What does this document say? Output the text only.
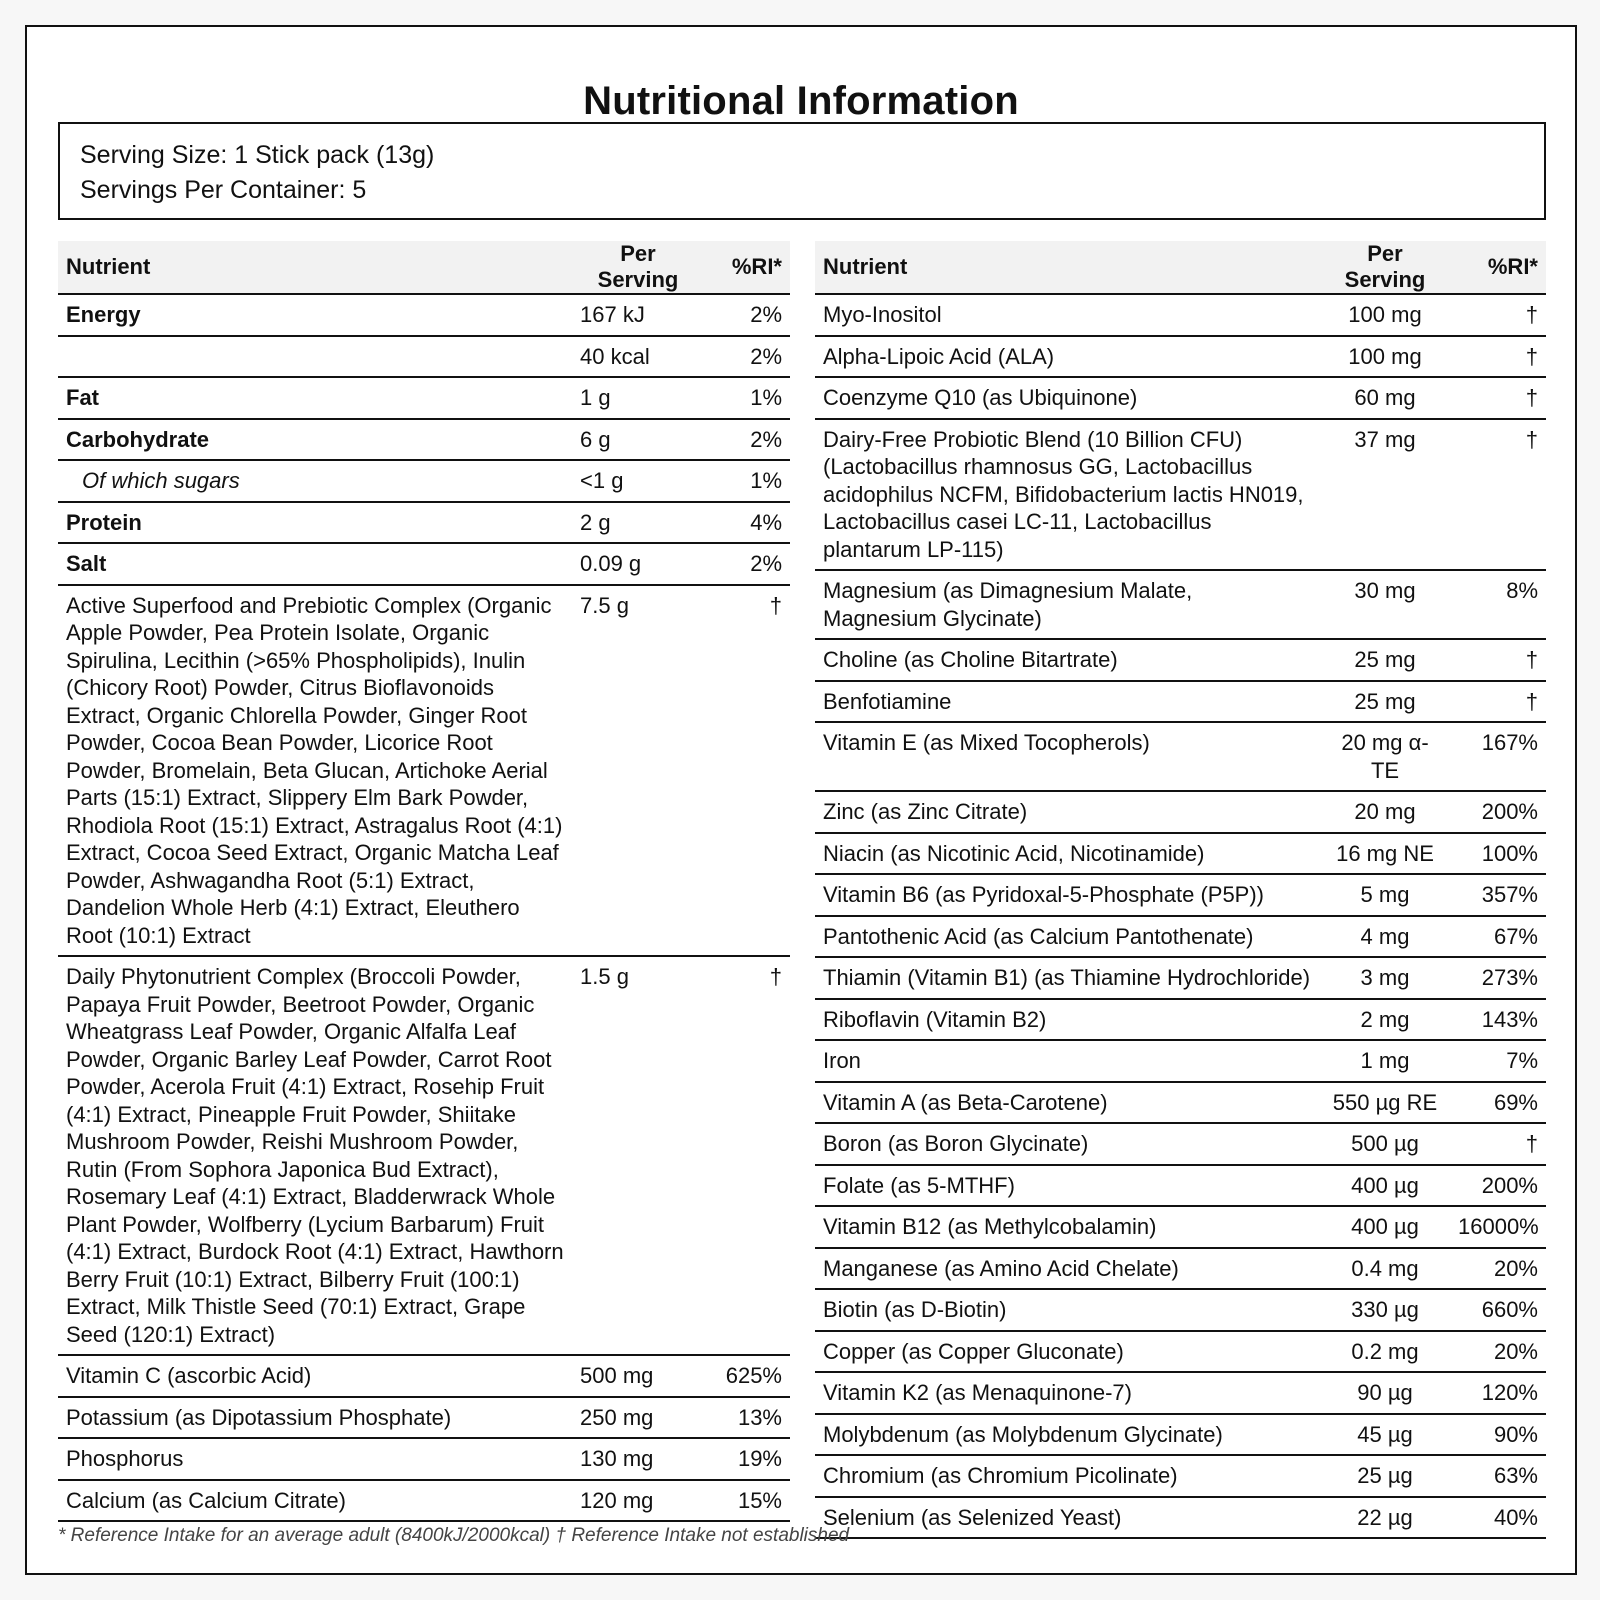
Nutritional Information
Serving Size: 1 Stick pack (13g)
Servings Per Container: 5
Nutrient	Per Serving	%RI*
Energy	167 kJ	2%
	40 kcal	2%
Fat	1 g	1%
Carbohydrate	6 g	2%
Of which sugars	<1 g	1%
Protein	2 g	4%
Salt	0.09 g	2%
Active Superfood and Prebiotic Complex (Organic Apple Powder, Pea Protein Isolate, Organic Spirulina, Lecithin (>65% Phospholipids), Inulin (Chicory Root) Powder, Citrus Bioflavonoids Extract, Organic Chlorella Powder, Ginger Root Powder, Cocoa Bean Powder, Licorice Root Powder, Bromelain, Beta Glucan, Artichoke Aerial Parts (15:1) Extract, Slippery Elm Bark Powder, Rhodiola Root (15:1) Extract, Astragalus Root (4:1) Extract, Cocoa Seed Extract, Organic Matcha Leaf Powder, Ashwagandha Root (5:1) Extract, Dandelion Whole Herb (4:1) Extract, Eleuthero Root (10:1) Extract	7.5 g	†
Daily Phytonutrient Complex (Broccoli Powder, Papaya Fruit Powder, Beetroot Powder, Organic Wheatgrass Leaf Powder, Organic Alfalfa Leaf Powder, Organic Barley Leaf Powder, Carrot Root Powder, Acerola Fruit (4:1) Extract, Rosehip Fruit (4:1) Extract, Pineapple Fruit Powder, Shiitake Mushroom Powder, Reishi Mushroom Powder, Rutin (From Sophora Japonica Bud Extract), Rosemary Leaf (4:1) Extract, Bladderwrack Whole Plant Powder, Wolfberry (Lycium Barbarum) Fruit (4:1) Extract, Burdock Root (4:1) Extract, Hawthorn Berry Fruit (10:1) Extract, Bilberry Fruit (100:1) Extract, Milk Thistle Seed (70:1) Extract, Grape Seed (120:1) Extract)	1.5 g	†
Vitamin C (ascorbic Acid)	500 mg	625%
Potassium (as Dipotassium Phosphate)	250 mg	13%
Phosphorus	130 mg	19%
Calcium (as Calcium Citrate)	120 mg	15%
Nutrient	Per Serving	%RI*
Myo-Inositol	100 mg	†
Alpha-Lipoic Acid (ALA)	100 mg	†
Coenzyme Q10 (as Ubiquinone)	60 mg	†
Dairy-Free Probiotic Blend (10 Billion CFU) (Lactobacillus rhamnosus GG, Lactobacillus acidophilus NCFM, Bifidobacterium lactis HN019, Lactobacillus casei LC-11, Lactobacillus plantarum LP-115)	37 mg	†
Magnesium (as Dimagnesium Malate, Magnesium Glycinate)	30 mg	8%
Choline (as Choline Bitartrate)	25 mg	†
Benfotiamine	25 mg	†
Vitamin E (as Mixed Tocopherols)	20 mg α-TE	167%
Zinc (as Zinc Citrate)	20 mg	200%
Niacin (as Nicotinic Acid, Nicotinamide)	16 mg NE	100%
Vitamin B6 (as Pyridoxal-5-Phosphate (P5P))	5 mg	357%
Pantothenic Acid (as Calcium Pantothenate)	4 mg	67%
Thiamin (Vitamin B1) (as Thiamine Hydrochloride)	3 mg	273%
Riboflavin (Vitamin B2)	2 mg	143%
Iron	1 mg	7%
Vitamin A (as Beta-Carotene)	550 µg RE	69%
Boron (as Boron Glycinate)	500 µg	†
Folate (as 5-MTHF)	400 µg	200%
Vitamin B12 (as Methylcobalamin)	400 µg	16000%
Manganese (as Amino Acid Chelate)	0.4 mg	20%
Biotin (as D-Biotin)	330 µg	660%
Copper (as Copper Gluconate)	0.2 mg	20%
Vitamin K2 (as Menaquinone-7)	90 µg	120%
Molybdenum (as Molybdenum Glycinate)	45 µg	90%
Chromium (as Chromium Picolinate)	25 µg	63%
Selenium (as Selenized Yeast)	22 µg	40%
* Reference Intake for an average adult (8400kJ/2000kcal) † Reference Intake not established
